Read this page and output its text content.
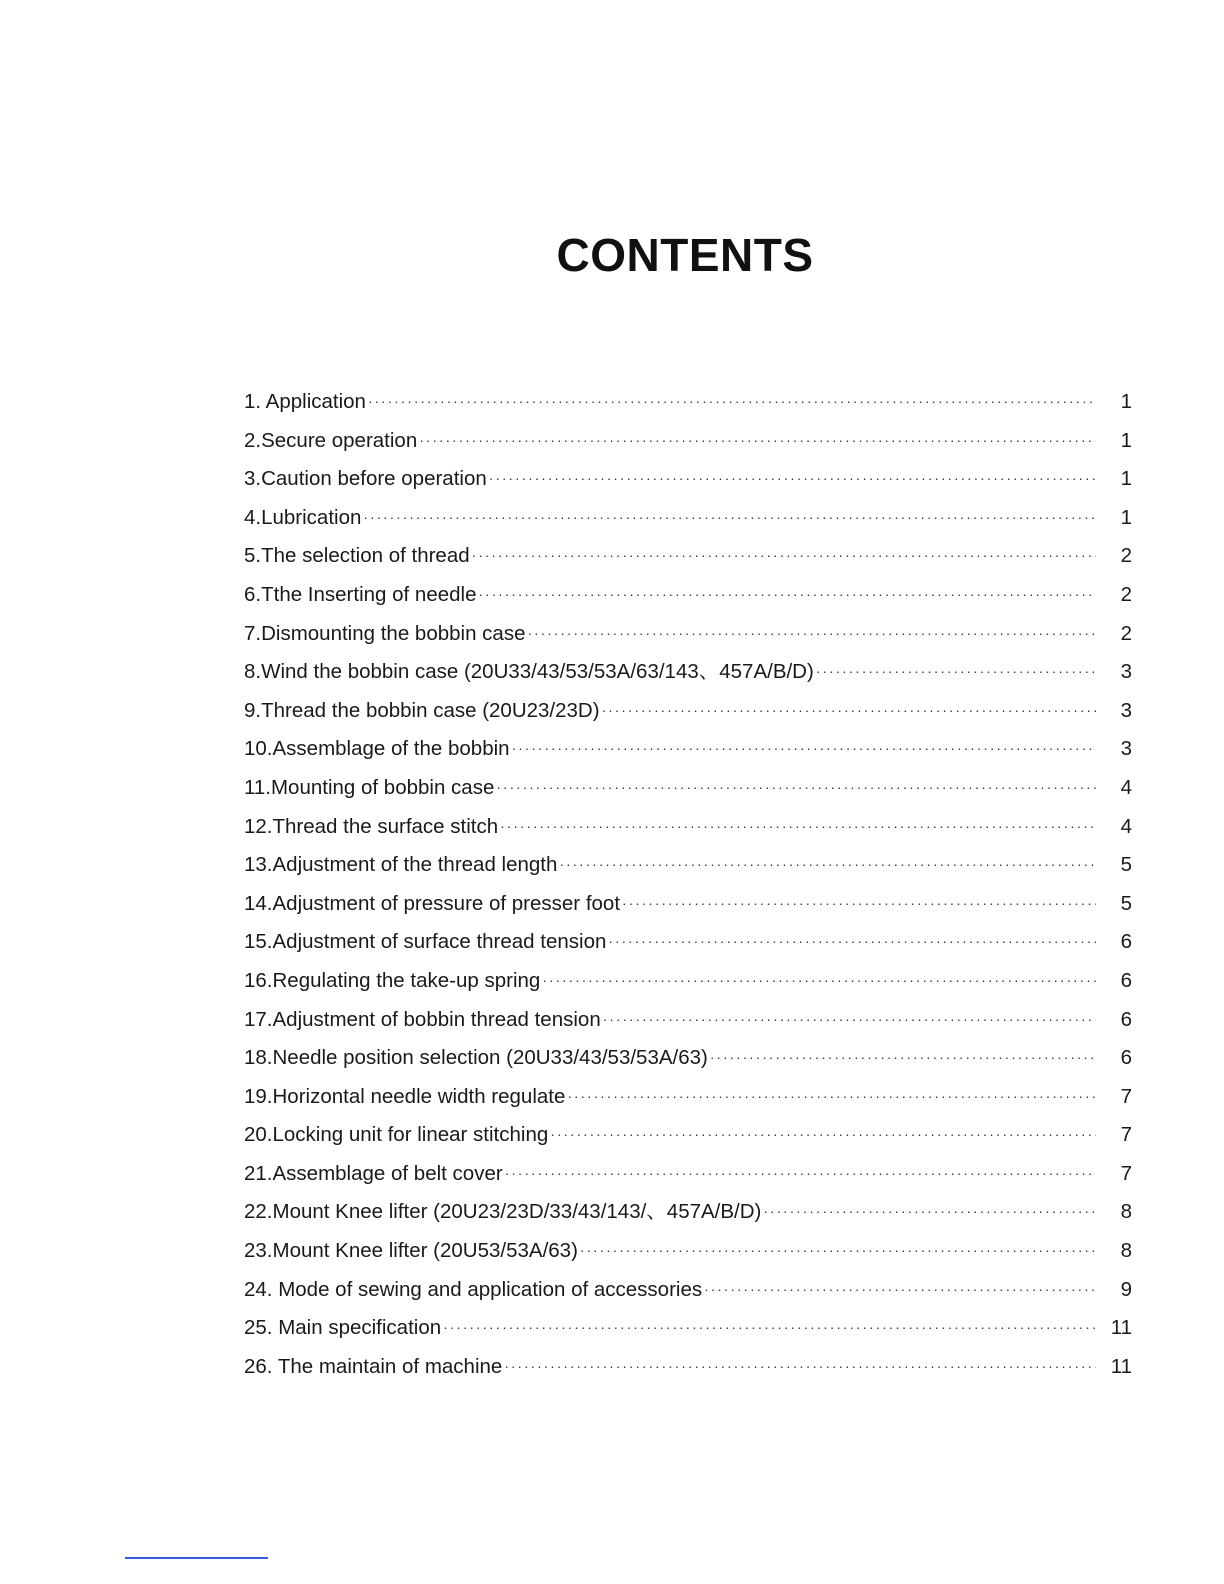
CONTENTS
1. Application · · ·	1
2.Secure operation · · ·	1
3.Caution before operation · · ·	1
4.Lubrication · · ·	1
5.The selection of thread · · ·	2
6.Tthe Inserting of needle · · ·	2
7.Dismounting the bobbin case · · ·	2
8.Wind the bobbin case (20U33/43/53/53A/63/143、457A/B/D) · · ·	3
9.Thread the bobbin case (20U23/23D) · · ·	3
10.Assemblage of the bobbin · · ·	3
11.Mounting of bobbin case · · ·	4
12.Thread the surface stitch · · ·	4
13.Adjustment of the thread length · · ·	5
14.Adjustment of pressure of presser foot · · ·	5
15.Adjustment of surface thread tension · · ·	6
16.Regulating the take-up spring · · ·	6
17.Adjustment of bobbin thread tension · · ·	6
18.Needle position selection (20U33/43/53/53A/63) · · ·	6
19.Horizontal needle width regulate · · ·	7
20.Locking unit for linear stitching · · ·	7
21.Assemblage of belt cover · · ·	7
22.Mount Knee lifter (20U23/23D/33/43/143/、457A/B/D) · · ·	8
23.Mount Knee lifter (20U53/53A/63) · · ·	8
24. Mode of sewing and application of accessories · · ·	9
25. Main specification · · ·	11
26. The maintain of machine · · ·	11
